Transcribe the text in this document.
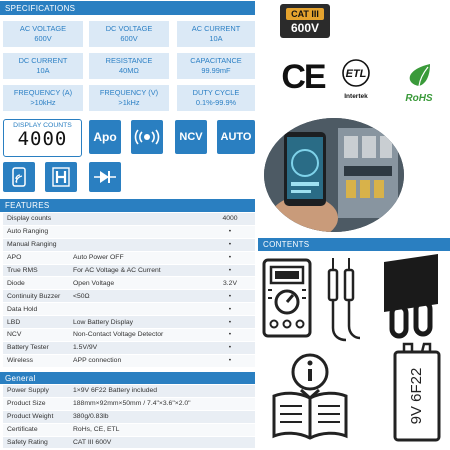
SPECIFICATIONS
AC VOLTAGE
600V
DC VOLTAGE
600V
AC CURRENT
10A
DC CURRENT
10A
RESISTANCE
40MΩ
CAPACITANCE
99.99mF
FREQUENCY (A)
>10kHz
FREQUENCY (V)
>1kHz
DUTY CYCLE
0.1%-99.9%
CAT III
600V
CE ETL
Intertek	RoHS
DISPLAY COUNTS
4000	Apo	NCV	AUTO
FEATURES
Display counts		4000
Auto Ranging		•
Manual Ranging		•
APO	Auto Power OFF	•
True RMS	For AC Voltage & AC Current	•
Diode	Open Voltage	3.2V
Continuity Buzzer	<50Ω	•
Data Hold		•
LBD	Low Battery Display	•
NCV	Non-Contact Voltage Detector	•
Battery Tester	1.5V/9V	•
Wireless	APP connection	•
General
Power Supply	1×9V 6F22 Battery included
Product Size	188mm×92mm×50mm / 7.4"×3.6"×2.0"
Product Weight	380g/0.83lb
Certificate	RoHs, CE, ETL
Safety Rating	CAT III 600V
CONTENTS
9V 6F22
